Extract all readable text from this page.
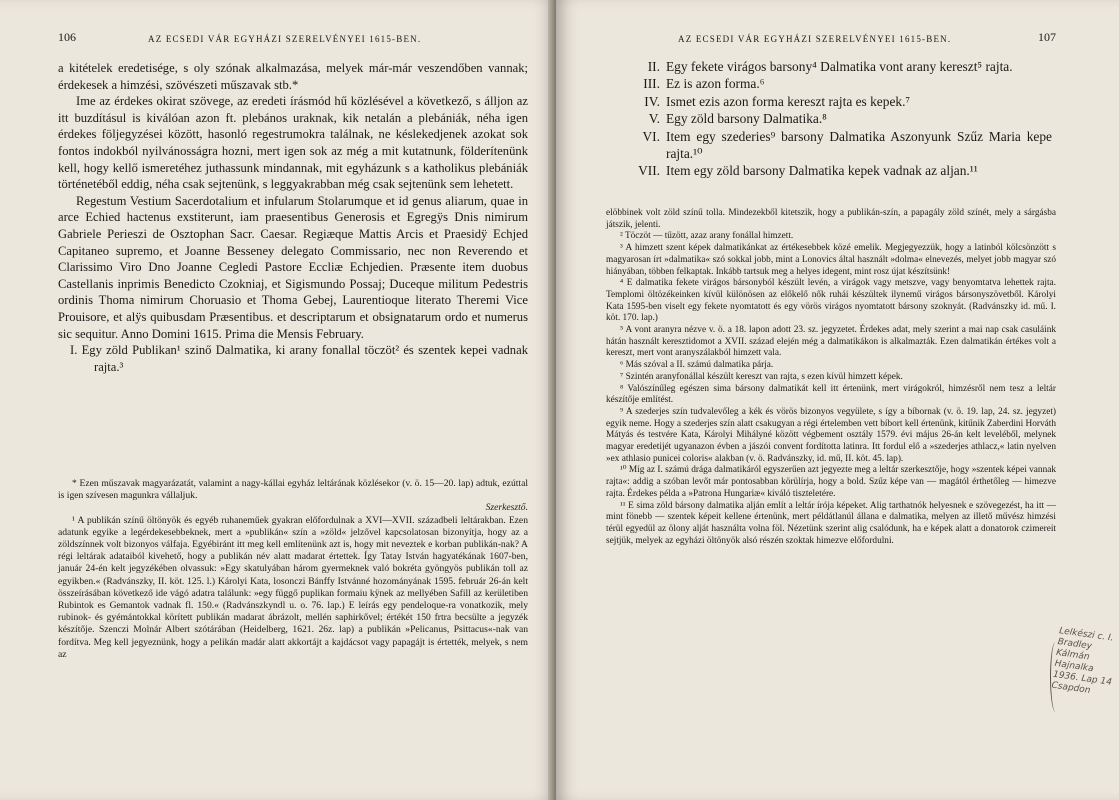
106	AZ ECSEDI VÁR EGYHÁZI SZERELVÉNYEI 1615-BEN.

a kitételek eredetisége, s oly szónak alkalmazása, melyek már-már veszendőben vannak; érdekesek a himzési, szövészeti műszavak stb.*

Ime az érdekes okirat szövege, az eredeti írásmód hű közlésével a következő, s álljon az itt buzdításul is kiválóan azon ft. plebános uraknak, kik netalán a plebániák, néha igen érdekes följegyzései között, hasonló regestrumokra találnak, ne késlekedjenek azokat sok fontos indokból nyilvánosságra hozni, mert igen sok az még a mit kutatnunk, földerítenünk kell, hogy kellő ismeretéhez juthassunk mindannak, mit egyházunk s a katholikus plebániák történetéből eddig, néha csak sejtenünk, s leggyakrabban még csak sejtenünk sem lehetett.

Regestum Vestium Sacerdotalium et infularum Stolarumque et id genus aliarum, quae in arce Echied hactenus exstiterunt, iam praesentibus Generosis et Egregÿs Dnis nimirum Gabriele Perieszi de Osztophan Sacr. Caesar. Regiæque Mattis Arcis et Praesidÿ Echjed Capitaneo supremo, et Joanne Besseney delegato Commissario, nec non Reverendo et Clarissimo Viro Dno Joanne Cegledi Pastore Eccliæ Echjedien. Præsente item duobus Castellanis inprimis Benedicto Czokniaj, et Sigismundo Possaj; Duceque militum Pedestris ordinis Thoma nimirum Choruasio et Thoma Gebej, Laurentioque literato Theremi Vice Prouisore, et alÿs quibusdam Præsentibus. et descriptarum et obsignatarum ordo et numerus sic sequitur. Anno Domini 1615. Prima die Mensis February.

I. Egy zöld Publikan¹ szinő Dalmatika, ki arany fonallal töczöt² és szentek kepei vadnak rajta.³

* Ezen műszavak magyarázatát, valamint a nagy-kállai egyház leltárának közlésekor (v. ö. 15—20. lap) adtuk, ezúttal is igen szívesen magunkra vállaljuk.

Szerkesztő.

¹ A publikán színű öltönyök és egyéb ruhaneműek gyakran előfordulnak a XVI—XVII. századbeli leltárakban. Ezen adatunk egyike a legérdekesebbeknek, mert a »publikán« szín a »zöld« jelzővel kapcsolatosan bizonyítja, hogy az a zöldszínnek volt bizonyos válfaja. Egyébiránt itt meg kell említenünk azt is, hogy mit neveztek e korban publikán-nak? A régi leltárak adataiból kivehető, hogy a publikán név alatt madarat értettek. Így Tatay István hagyatékának 1607-ben, január 24-én kelt jegyzékében olvassuk: »Egy skatulyában három gyermeknek való bokréta gyöngyös publikán toll az egyikben.« (Radvánszky, II. köt. 125. l.) Károlyi Kata, losonczi Bánffy Istvánné hozományának 1595. február 26-án kelt összeírásában következő ide vágó adatra találunk: »egy függő puplikan formaiu kÿnek az mellyében Safill az kerületiben Rubintok es Gemantok vadnak fl. 150.« (Radvánszkyndl u. o. 76. lap.) E leírás egy pendeloque-ra vonatkozik, mely rubinok- és gyémántokkal körített publikán madarat ábrázolt, mellén saphirkővel; értékét 150 frtra becsülte a jegyzék készítője. Szenczi Molnár Albert szótárában (Heidelberg, 1621. 26z. lap) a publikán »Pelicanus, Psittacus«-nak van fordítva. Meg kell jegyeznünk, hogy a pelikán madár alatt akkortájt a kajdácsot vagy papagájt is értették, melyek, s nem az

AZ ECSEDI VÁR EGYHÁZI SZERELVÉNYEI 1615-BEN.	107
II. Egy fekete virágos barsony⁴ Dalmatika vont arany kereszt⁵ rajta.
III. Ez is azon forma.⁶
IV. Ismet ezis azon forma kereszt rajta es kepek.⁷
V. Egy zöld barsony Dalmatika.⁸
VI. Item egy szederies⁹ barsony Dalmatika Aszonyunk Szűz Maria kepe rajta.¹⁰
VII. Item egy zöld barsony Dalmatika kepek vadnak az aljan.¹¹

elöbbinek volt zöld színű tolla. Mindezekből kitetszik, hogy a publikán-szín, a papagály zöld színét, mely a sárgásba játszik, jelenti.

² Töczöt — tűzött, azaz arany fonállal himzett.

³ A himzett szent képek dalmatikánkat az értékesebbek közé emelik. Megjegyezzük, hogy a latinból kölcsönzött s magyarosan írt »dalmatika« szó sokkal jobb, mint a Lonovics által használt »dolma« elnevezés, melyet jobb magyar szó hiányában, többen felkaptak. Inkább tartsuk meg a helyes idegent, mint rosz újat készítsünk!

⁴ E dalmatika fekete virágos bársonyból készült levén, a virágok vagy metszve, vagy benyomtatva lehettek rajta. Templomi öltözékeinken kívül különösen az előkelő nők ruhái készültek ilynemű virágos bársonyszövetből. Károlyi Kata 1595-ben viselt egy fekete nyomtatott és egy vörös virágos nyomtatott bársony szoknyát. (Radvánszky id. mű. I. köt. 170. lap.)

⁵ A vont aranyra nézve v. ö. a 18. lapon adott 23. sz. jegyzetet. Érdekes adat, mely szerint a mai nap csak casuláink hátán használt keresztidomot a XVII. század elején még a dalmatikákon is alkalmazták. Ezen dalmatikán értékes volt a kereszt, mert vont aranyszálakból himzett vala.

⁶ Más szóval a II. számú dalmatika párja.

⁷ Szintén aranyfonállal készült kereszt van rajta, s ezen kívül himzett képek.

⁸ Valószínűleg egészen sima bársony dalmatikát kell itt értenünk, mert virágokról, himzésről nem tesz a leltár készítője említést.

⁹ A szederjes szín tudvalevőleg a kék és vörös bizonyos vegyülete, s így a bíbornak (v. ö. 19. lap, 24. sz. jegyzet) egyik neme. Hogy a szederjes szín alatt csakugyan a régi értelemben vett bíbort kell értenünk, kitűnik Zaberdini Horváth Mátyás és testvére Kata, Károlyi Mihályné között végbement osztály 1579. évi május 26-án kelt leveléből, melynek magyar eredetijét ugyanazon évben a jászói convent fordította latinra. Itt fordul elő a »szederjes athlacz,« latin nyelven »ex athlasio punicei coloris« alakban (v. ö. Radvánszky, id. mű, II. köt. 45. lap).

¹⁰ Míg az I. számú drága dalmatikáról egyszerűen azt jegyezte meg a leltár szerkesztője, hogy »szentek képei vannak rajta«: addig a szóban levőt már pontosabban körülírja, hogy a bold. Szűz képe van — magától érthetőleg — himezve rajta. Érdekes példa a »Patrona Hungariæ« kiváló tiszteletére.

¹¹ E sima zöld bársony dalmatika alján említ a leltár írója képeket. Alig tarthatnók helyesnek e szövegezést, ha itt — mint fönebb — szentek képeit kellene értenünk, mert példátlanúl állana e dalmatika, melyen az illető művész himzési térül egyedül az ölony alját használta volna föl. Nézetünk szerint alig csalódunk, ha e képek alatt a donatorok czimereit sejtjük, melyek az egyházi öltönyök alsó részén szoktak himezve előfordulni.

Lelkészi c. I. Bradley Kálmán Hajnalka 1936. Lap 14 Csapdon
